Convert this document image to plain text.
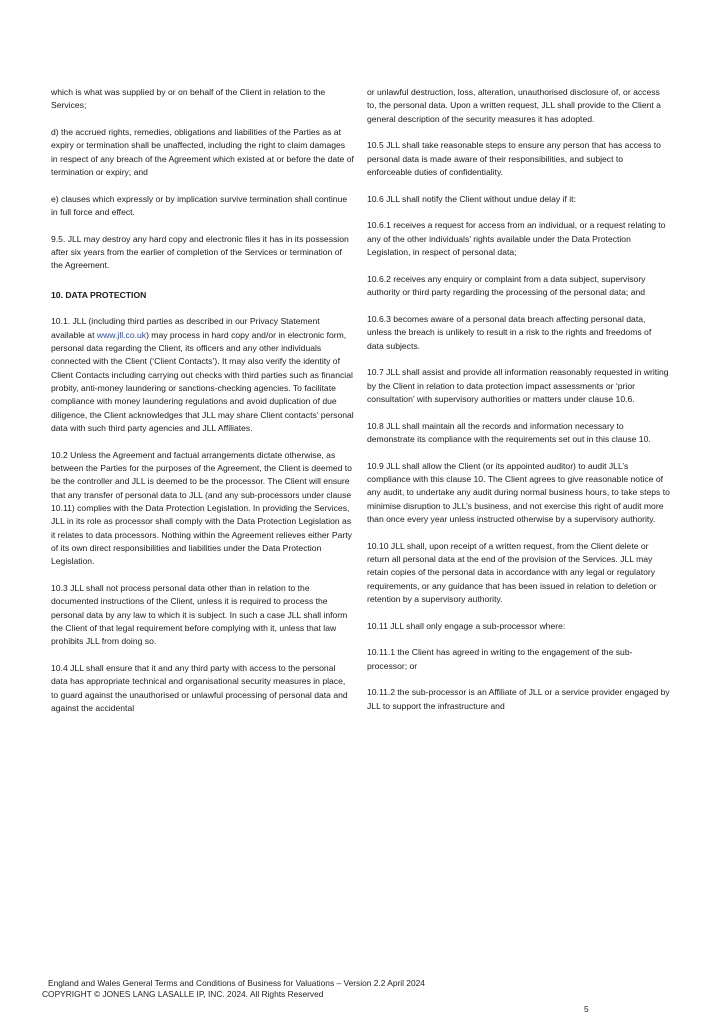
which is what was supplied by or on behalf of the Client in relation to the Services;

d) the accrued rights, remedies, obligations and liabilities of the Parties as at expiry or termination shall be unaffected, including the right to claim damages in respect of any breach of the Agreement which existed at or before the date of termination or expiry; and

e) clauses which expressly or by implication survive termination shall continue in full force and effect.

9.5. JLL may destroy any hard copy and electronic files it has in its possession after six years from the earlier of completion of the Services or termination of the Agreement.

10. DATA PROTECTION

10.1. JLL (including third parties as described in our Privacy Statement available at www.jll.co.uk) may process in hard copy and/or in electronic form, personal data regarding the Client, its officers and any other individuals connected with the Client (‘Client Contacts’). It may also verify the identity of Client Contacts including carrying out checks with third parties such as financial probity, anti-money laundering or sanctions-checking agencies. To facilitate compliance with money laundering regulations and avoid duplication of due diligence, the Client acknowledges that JLL may share Client contacts’ personal data with such third party agencies and JLL Affiliates.

10.2 Unless the Agreement and factual arrangements dictate otherwise, as between the Parties for the purposes of the Agreement, the Client is deemed to be the controller and JLL is deemed to be the processor. The Client will ensure that any transfer of personal data to JLL (and any sub-processors under clause 10.11) complies with the Data Protection Legislation. In providing the Services, JLL in its role as processor shall comply with the Data Protection Legislation as it relates to data processors. Nothing within the Agreement relieves either Party of its own direct responsibilities and liabilities under the Data Protection Legislation.

10.3 JLL shall not process personal data other than in relation to the documented instructions of the Client, unless it is required to process the personal data by any law to which it is subject. In such a case JLL shall inform the Client of that legal requirement before complying with it, unless that law prohibits JLL from doing so.

10.4 JLL shall ensure that it and any third party with access to the personal data has appropriate technical and organisational security measures in place, to guard against the unauthorised or unlawful processing of personal data and against the accidental

or unlawful destruction, loss, alteration, unauthorised disclosure of, or access to, the personal data. Upon a written request, JLL shall provide to the Client a general description of the security measures it has adopted.

10.5 JLL shall take reasonable steps to ensure any person that has access to personal data is made aware of their responsibilities, and subject to enforceable duties of confidentiality.

10.6 JLL shall notify the Client without undue delay if it:

10.6.1 receives a request for access from an individual, or a request relating to any of the other individuals’ rights available under the Data Protection Legislation, in respect of personal data;

10.6.2 receives any enquiry or complaint from a data subject, supervisory authority or third party regarding the processing of the personal data; and

10.6.3 becomes aware of a personal data breach affecting personal data, unless the breach is unlikely to result in a risk to the rights and freedoms of data subjects.

10.7 JLL shall assist and provide all information reasonably requested in writing by the Client in relation to data protection impact assessments or ‘prior consultation’ with supervisory authorities or matters under clause 10.6.

10.8 JLL shall maintain all the records and information necessary to demonstrate its compliance with the requirements set out in this clause 10.

10.9 JLL shall allow the Client (or its appointed auditor) to audit JLL’s compliance with this clause 10. The Client agrees to give reasonable notice of any audit, to undertake any audit during normal business hours, to take steps to minimise disruption to JLL’s business, and not exercise this right of audit more than once every year unless instructed otherwise by a supervisory authority.

10.10 JLL shall, upon receipt of a written request, from the Client delete or return all personal data at the end of the provision of the Services. JLL may retain copies of the personal data in accordance with any legal or regulatory requirements, or any guidance that has been issued in relation to deletion or retention by a supervisory authority.

10.11 JLL shall only engage a sub-processor where:

10.11.1 the Client has agreed in writing to the engagement of the sub-processor; or

10.11.2 the sub-processor is an Affiliate of JLL or a service provider engaged by JLL to support the infrastructure and

England and Wales General Terms and Conditions of Business for Valuations – Version 2.2 April 2024
COPYRIGHT © JONES LANG LASALLE IP, INC. 2024. All Rights Reserved
5
